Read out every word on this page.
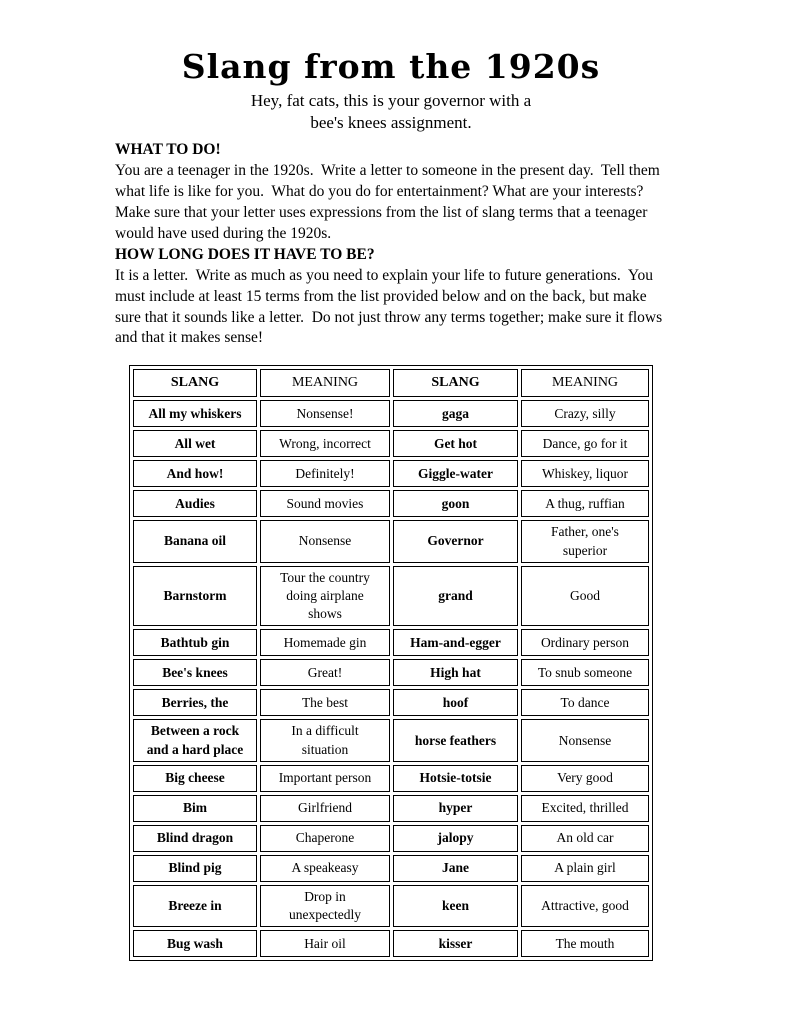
Slang from the 1920s

Hey, fat cats, this is your governor with a
bee's knees assignment.

WHAT TO DO!

You are a teenager in the 1920s.  Write a letter to someone in the present day.  Tell them what life is like for you.  What do you do for entertainment? What are your interests? Make sure that your letter uses expressions from the list of slang terms that a teenager would have used during the 1920s.

HOW LONG DOES IT HAVE TO BE?

It is a letter.  Write as much as you need to explain your life to future generations.  You must include at least 15 terms from the list provided below and on the back, but make sure that it sounds like a letter.  Do not just throw any terms together; make sure it flows and that it makes sense!

SLANG	MEANING	SLANG	MEANING
All my whiskers	Nonsense!	gaga	Crazy, silly
All wet	Wrong, incorrect	Get hot	Dance, go for it
And how!	Definitely!	Giggle-water	Whiskey, liquor
Audies	Sound movies	goon	A thug, ruffian
Banana oil	Nonsense	Governor	Father, one's superior
Barnstorm	Tour the country doing airplane shows	grand	Good
Bathtub gin	Homemade gin	Ham-and-egger	Ordinary person
Bee's knees	Great!	High hat	To snub someone
Berries, the	The best	hoof	To dance
Between a rock and a hard place	In a difficult situation	horse feathers	Nonsense
Big cheese	Important person	Hotsie-totsie	Very good
Bim	Girlfriend	hyper	Excited, thrilled
Blind dragon	Chaperone	jalopy	An old car
Blind pig	A speakeasy	Jane	A plain girl
Breeze in	Drop in unexpectedly	keen	Attractive, good
Bug wash	Hair oil	kisser	The mouth
